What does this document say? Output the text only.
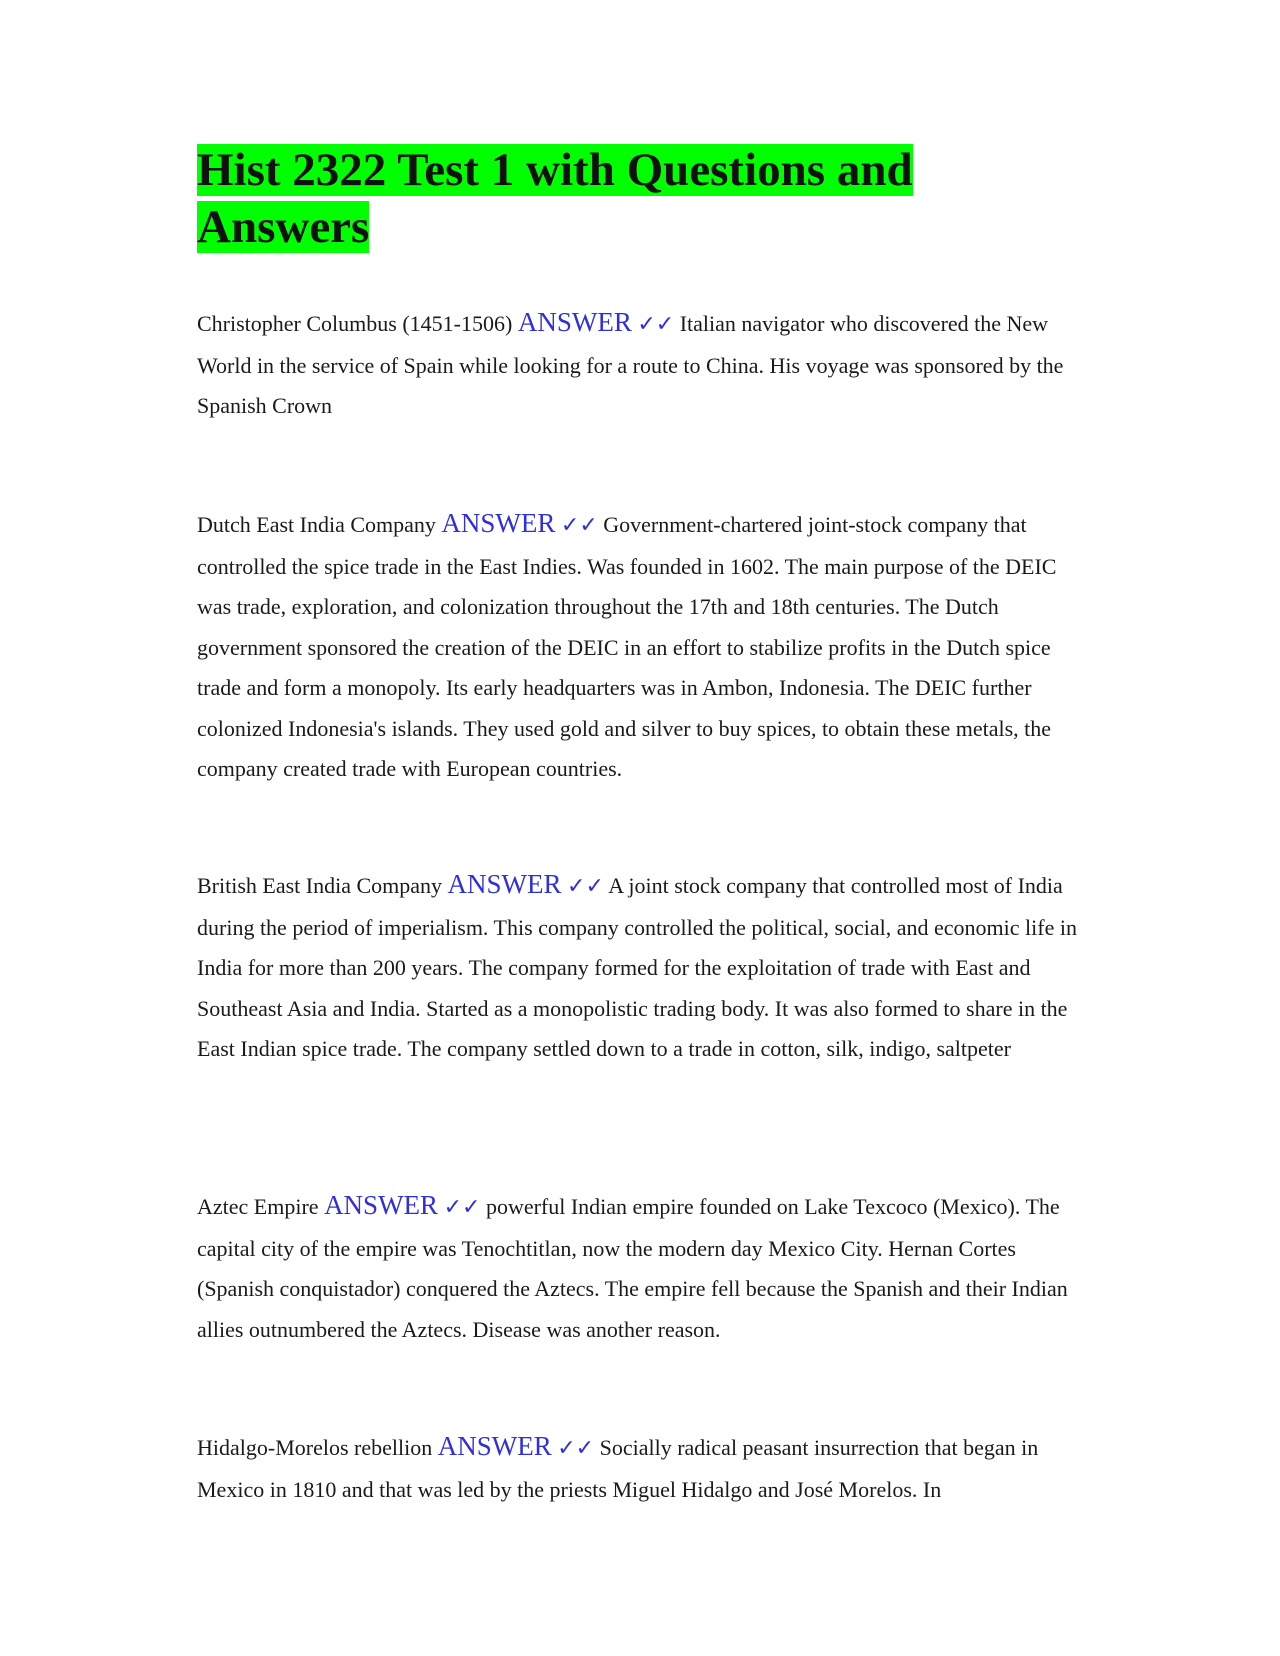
Hist 2322 Test 1 with Questions and Answers

Christopher Columbus (1451-1506) ANSWER ✓✓ Italian navigator who discovered the New World in the service of Spain while looking for a route to China. His voyage was sponsored by the Spanish Crown

Dutch East India Company ANSWER ✓✓ Government-chartered joint-stock company that controlled the spice trade in the East Indies. Was founded in 1602. The main purpose of the DEIC was trade, exploration, and colonization throughout the 17th and 18th centuries. The Dutch government sponsored the creation of the DEIC in an effort to stabilize profits in the Dutch spice trade and form a monopoly. Its early headquarters was in Ambon, Indonesia. The DEIC further colonized Indonesia's islands. They used gold and silver to buy spices, to obtain these metals, the company created trade with European countries.

British East India Company ANSWER ✓✓ A joint stock company that controlled most of India during the period of imperialism. This company controlled the political, social, and economic life in India for more than 200 years. The company formed for the exploitation of trade with East and Southeast Asia and India. Started as a monopolistic trading body. It was also formed to share in the East Indian spice trade. The company settled down to a trade in cotton, silk, indigo, saltpeter

Aztec Empire ANSWER ✓✓ powerful Indian empire founded on Lake Texcoco (Mexico). The capital city of the empire was Tenochtitlan, now the modern day Mexico City. Hernan Cortes (Spanish conquistador) conquered the Aztecs. The empire fell because the Spanish and their Indian allies outnumbered the Aztecs. Disease was another reason.

Hidalgo-Morelos rebellion ANSWER ✓✓ Socially radical peasant insurrection that began in Mexico in 1810 and that was led by the priests Miguel Hidalgo and José Morelos. In
